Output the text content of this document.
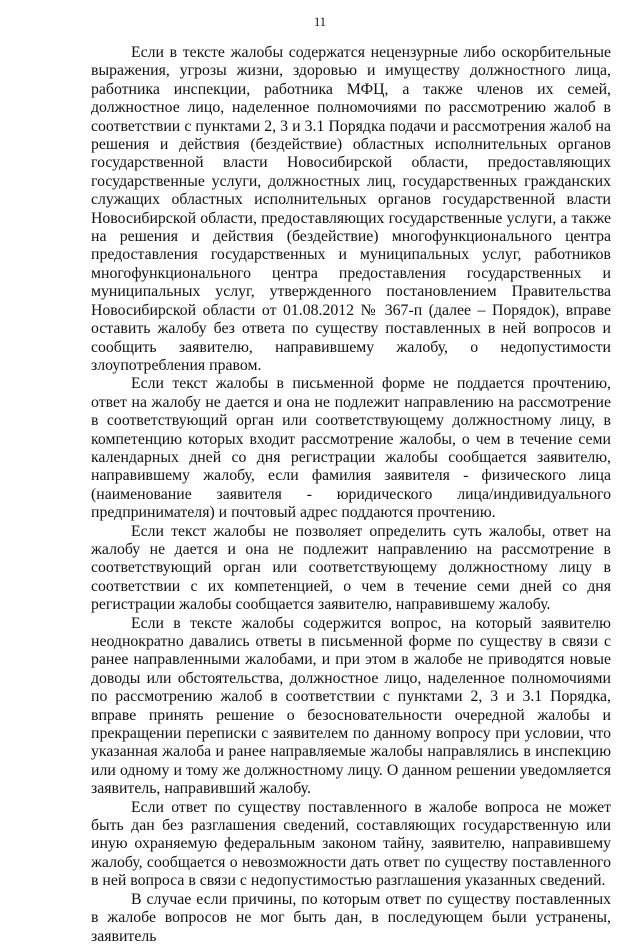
11

Если в тексте жалобы содержатся нецензурные либо оскорбительные выражения, угрозы жизни, здоровью и имуществу должностного лица, работника инспекции, работника МФЦ, а также членов их семей, должностное лицо, наделенное полномочиями по рассмотрению жалоб в соответствии с пунктами 2, 3 и 3.1 Порядка подачи и рассмотрения жалоб на решения и действия (бездействие) областных исполнительных органов государственной власти Новосибирской области, предоставляющих государственные услуги, должностных лиц, государственных гражданских служащих областных исполнительных органов государственной власти Новосибирской области, предоставляющих государственные услуги, а также на решения и действия (бездействие) многофункционального центра предоставления государственных и муниципальных услуг, работников многофункционального центра предоставления государственных и муниципальных услуг, утвержденного постановлением Правительства Новосибирской области от 01.08.2012 № 367-п (далее – Порядок), вправе оставить жалобу без ответа по существу поставленных в ней вопросов и сообщить заявителю, направившему жалобу, о недопустимости злоупотребления правом.

Если текст жалобы в письменной форме не поддается прочтению, ответ на жалобу не дается и она не подлежит направлению на рассмотрение в соответствующий орган или соответствующему должностному лицу, в компетенцию которых входит рассмотрение жалобы, о чем в течение семи календарных дней со дня регистрации жалобы сообщается заявителю, направившему жалобу, если фамилия заявителя - физического лица (наименование заявителя - юридического лица/индивидуального предпринимателя) и почтовый адрес поддаются прочтению.

Если текст жалобы не позволяет определить суть жалобы, ответ на жалобу не дается и она не подлежит направлению на рассмотрение в соответствующий орган или соответствующему должностному лицу в соответствии с их компетенцией, о чем в течение семи дней со дня регистрации жалобы сообщается заявителю, направившему жалобу.

Если в тексте жалобы содержится вопрос, на который заявителю неоднократно давались ответы в письменной форме по существу в связи с ранее направленными жалобами, и при этом в жалобе не приводятся новые доводы или обстоятельства, должностное лицо, наделенное полномочиями по рассмотрению жалоб в соответствии с пунктами 2, 3 и 3.1 Порядка, вправе принять решение о безосновательности очередной жалобы и прекращении переписки с заявителем по данному вопросу при условии, что указанная жалоба и ранее направляемые жалобы направлялись в инспекцию или одному и тому же должностному лицу. О данном решении уведомляется заявитель, направивший жалобу.

Если ответ по существу поставленного в жалобе вопроса не может быть дан без разглашения сведений, составляющих государственную или иную охраняемую федеральным законом тайну, заявителю, направившему жалобу, сообщается о невозможности дать ответ по существу поставленного в ней вопроса в связи с недопустимостью разглашения указанных сведений.

В случае если причины, по которым ответ по существу поставленных в жалобе вопросов не мог быть дан, в последующем были устранены, заявитель
